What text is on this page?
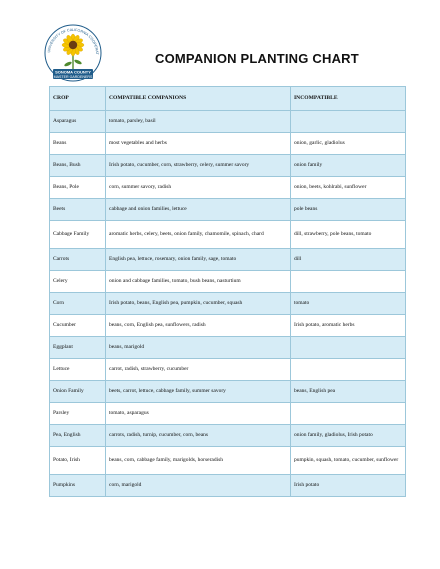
UNIVERSITY OF CALIFORNIA COOPERAT
SONOMA COUNTY
MASTER GARDENERS
COMPANION PLANTING CHART
CROP	COMPATIBLE COMPANIONS	INCOMPATIBLE
Asparagus	tomato, parsley, basil	
Beans	most vegetables and herbs	onion, garlic, gladiolus
Beans, Bush	Irish potato, cucumber, corn, strawberry, celery, summer savory	onion family
Beans, Pole	corn, summer savory, radish	onion, beets, kohlrabi, sunflower
Beets	cabbage and onion families, lettuce	pole beans
Cabbage Family	aromatic herbs, celery, beets, onion family, chamomile, spinach, chard	dill, strawberry, pole beans, tomato
Carrots	English pea, lettuce, rosemary, onion family, sage, tomato	dill
Celery	onion and cabbage families, tomato, bush beans, nasturtium	
Corn	Irish potato, beans, English pea, pumpkin, cucumber, squash	tomato
Cucumber	beans, corn, English pea, sunflowers, radish	Irish potato, aromatic herbs
Eggplant	beans, marigold	
Lettuce	carrot, radish, strawberry, cucumber	
Onion Family	beets, carrot, lettuce, cabbage family, summer savory	beans, English pea
Parsley	tomato, asparagus	
Pea, English	carrots, radish, turnip, cucumber, corn, beans	onion family, gladiolus, Irish potato
Potato, Irish	beans, corn, cabbage family, marigolds, horseradish	pumpkin, squash, tomato, cucumber, sunflower
Pumpkins	corn, marigold	Irish potato
